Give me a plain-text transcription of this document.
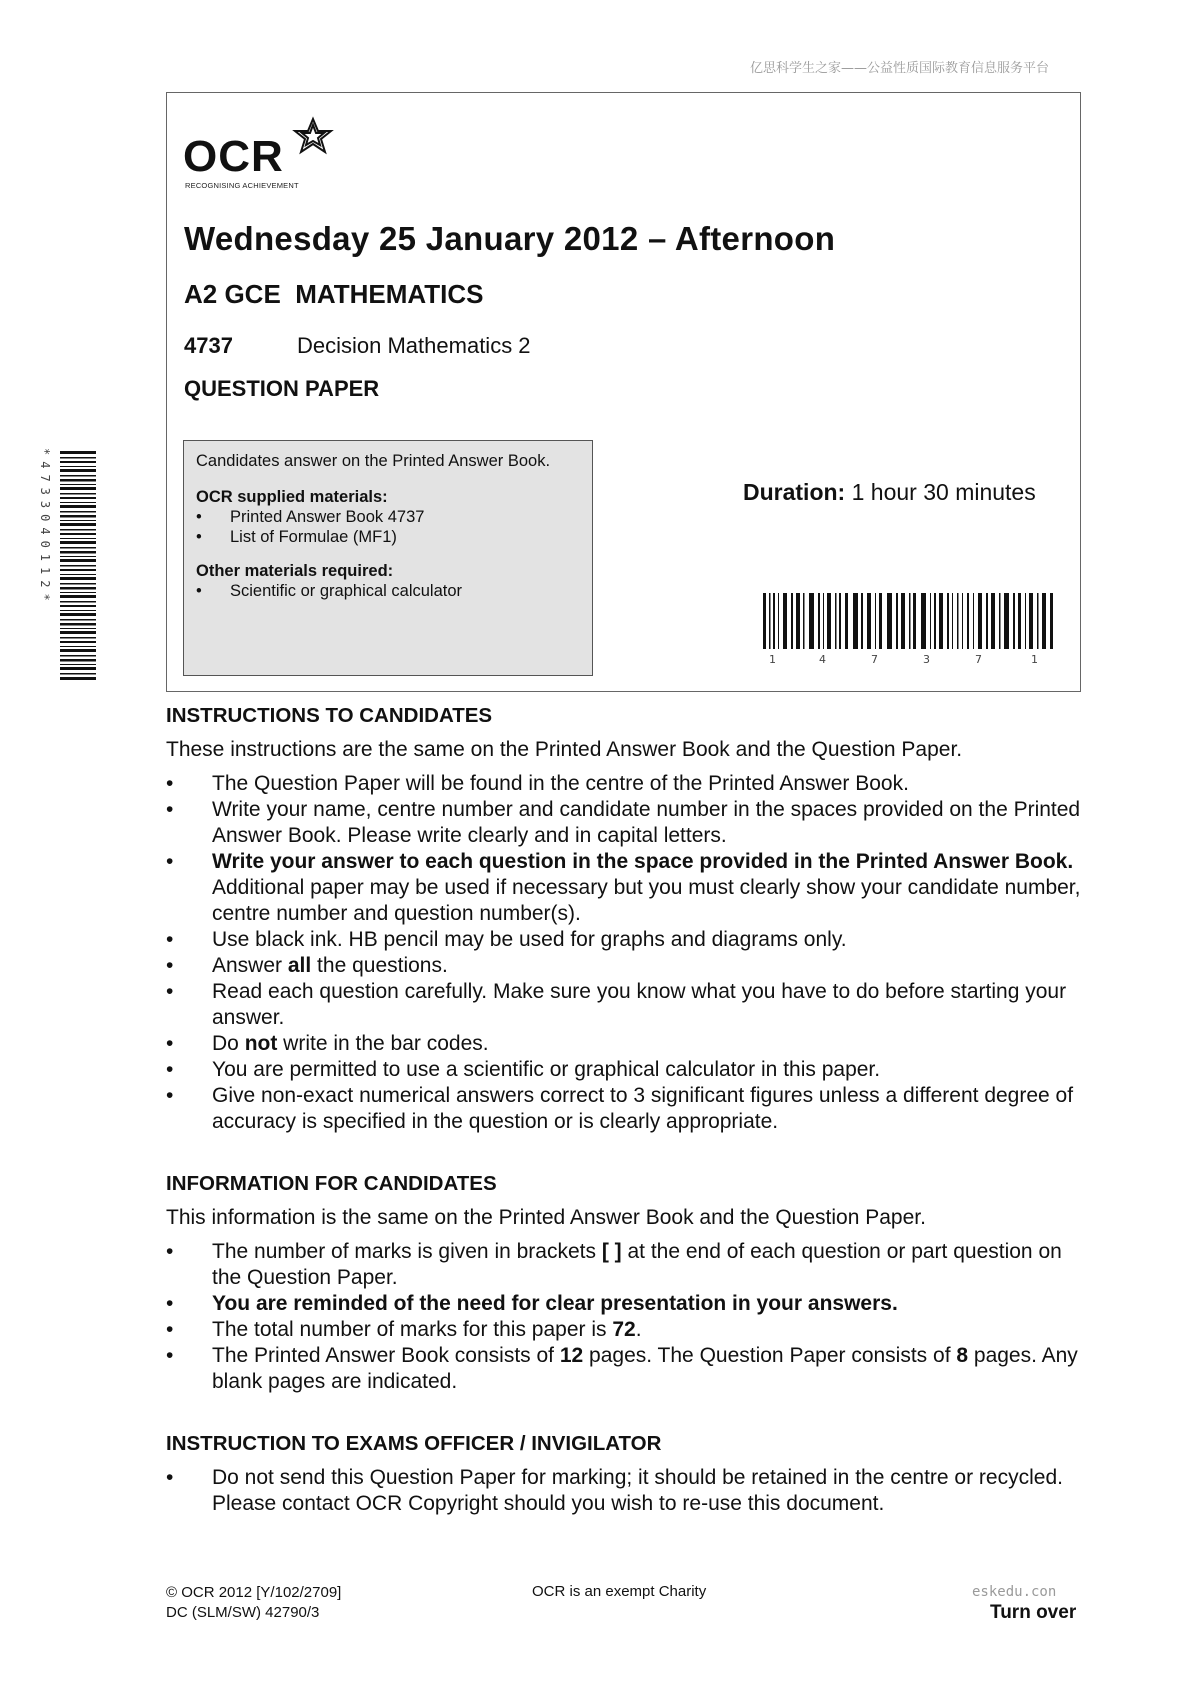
亿思科学生之家——公益性质国际教育信息服务平台
OCR
RECOGNISING ACHIEVEMENT
Wednesday 25 January 2012 – Afternoon
A2 GCE  MATHEMATICS
4737	Decision Mathematics 2
QUESTION PAPER

Candidates answer on the Printed Answer Book.

OCR supplied materials:

• Printed Answer Book 4737
• List of Formulae (MF1)

Other materials required:

• Scientific or graphical calculator
Duration: 1 hour 30 minutes
1	4	7	3	7	1
*4733040112*
INSTRUCTIONS TO CANDIDATES

These instructions are the same on the Printed Answer Book and the Question Paper.

• The Question Paper will be found in the centre of the Printed Answer Book.
• Write your name, centre number and candidate number in the spaces provided on the Printed Answer Book. Please write clearly and in capital letters.
• Write your answer to each question in the space provided in the Printed Answer Book. Additional paper may be used if necessary but you must clearly show your candidate number, centre number and question number(s).
• Use black ink. HB pencil may be used for graphs and diagrams only.
• Answer all the questions.
• Read each question carefully. Make sure you know what you have to do before starting your answer.
• Do not write in the bar codes.
• You are permitted to use a scientific or graphical calculator in this paper.
• Give non-exact numerical answers correct to 3 significant figures unless a different degree of accuracy is specified in the question or is clearly appropriate.
INFORMATION FOR CANDIDATES

This information is the same on the Printed Answer Book and the Question Paper.

• The number of marks is given in brackets [ ] at the end of each question or part question on the Question Paper.
• You are reminded of the need for clear presentation in your answers.
• The total number of marks for this paper is 72.
• The Printed Answer Book consists of 12 pages. The Question Paper consists of 8 pages. Any blank pages are indicated.
INSTRUCTION TO EXAMS OFFICER / INVIGILATOR
• Do not send this Question Paper for marking; it should be retained in the centre or recycled. Please contact OCR Copyright should you wish to re-use this document.
© OCR 2012 [Y/102/2709]
DC (SLM/SW) 42790/3
OCR is an exempt Charity	eskedu.con
Turn over
